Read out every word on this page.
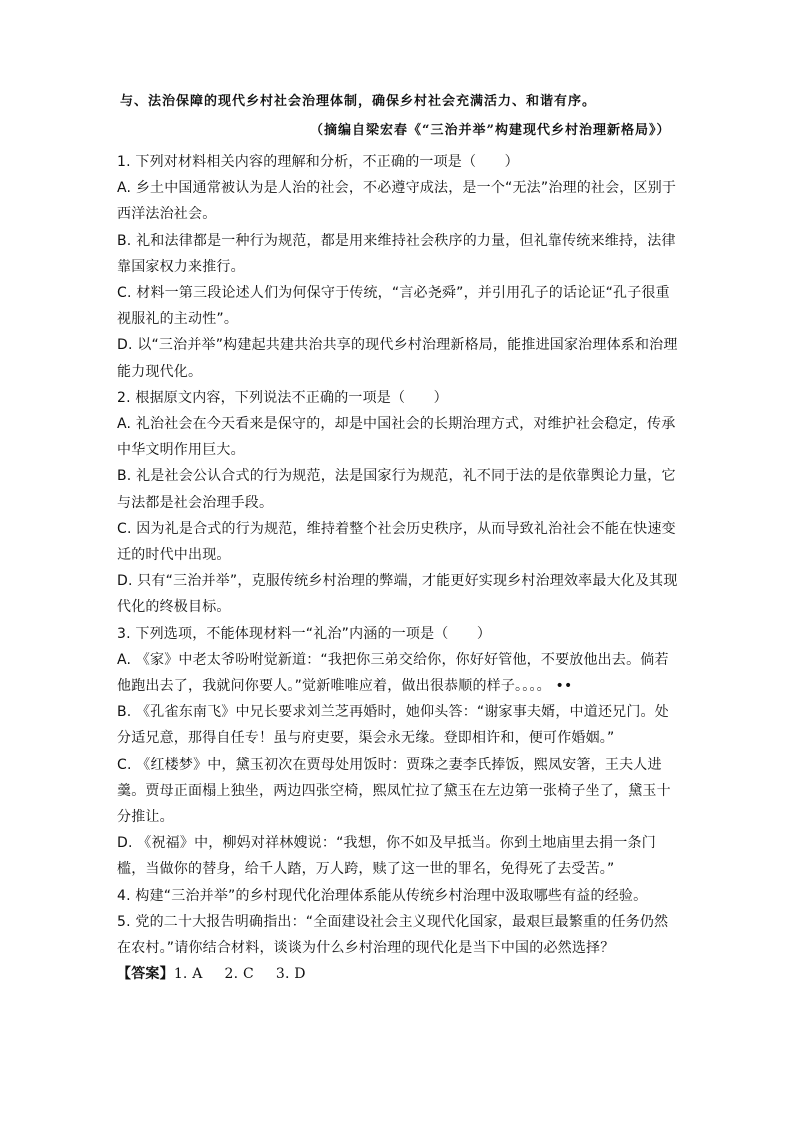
与、法治保障的现代乡村社会治理体制，确保乡村社会充满活力、和谐有序。
（摘编自梁宏春《“三治并举”构建现代乡村治理新格局》）

1. 下列对材料相关内容的理解和分析，不正确的一项是（　　）

A. 乡土中国通常被认为是人治的社会，不必遵守成法，是一个“无法”治理的社会，区别于西洋法治社会。

B. 礼和法律都是一种行为规范，都是用来维持社会秩序的力量，但礼靠传统来维持，法律靠国家权力来推行。

C. 材料一第三段论述人们为何保守于传统，“言必尧舜”，并引用孔子的话论证“孔子很重视服礼的主动性”。

D. 以“三治并举”构建起共建共治共享的现代乡村治理新格局，能推进国家治理体系和治理能力现代化。

2. 根据原文内容，下列说法不正确的一项是（　　）

A. 礼治社会在今天看来是保守的，却是中国社会的长期治理方式，对维护社会稳定，传承中华文明作用巨大。

B. 礼是社会公认合式的行为规范，法是国家行为规范，礼不同于法的是依靠舆论力量，它与法都是社会治理手段。

C. 因为礼是合式的行为规范，维持着整个社会历史秩序，从而导致礼治社会不能在快速变迁的时代中出现。

D. 只有“三治并举”，克服传统乡村治理的弊端，才能更好实现乡村治理效率最大化及其现代化的终极目标。

3. 下列选项，不能体现材料一“礼治”内涵的一项是（　　）

A. 《家》中老太爷吩咐觉新道：“我把你三弟交给你，你好好管他，不要放他出去。倘若他跑出去了，我就问你要人。”觉新唯唯应着，做出很恭顺的样子。。。。 ••

B. 《孔雀东南飞》中兄长要求刘兰芝再婚时，她仰头答：“谢家事夫婿，中道还兄门。处分适兄意，那得自任专！虽与府吏要，渠会永无缘。登即相许和，便可作婚姻。”

C. 《红楼梦》中，黛玉初次在贾母处用饭时：贾珠之妻李氏捧饭，熙凤安箸，王夫人进羹。贾母正面榻上独坐，两边四张空椅，熙凤忙拉了黛玉在左边第一张椅子坐了，黛玉十分推让。

D. 《祝福》中，柳妈对祥林嫂说：“我想，你不如及早抵当。你到土地庙里去捐一条门槛，当做你的替身，给千人踏，万人跨，赎了这一世的罪名，免得死了去受苦。”

4. 构建“三治并举”的乡村现代化治理体系能从传统乡村治理中汲取哪些有益的经验。

5. 党的二十大报告明确指出：“全面建设社会主义现代化国家，最艰巨最繁重的任务仍然在农村。”请你结合材料，谈谈为什么乡村治理的现代化是当下中国的必然选择？

【答案】1. A 2. C 3. D
